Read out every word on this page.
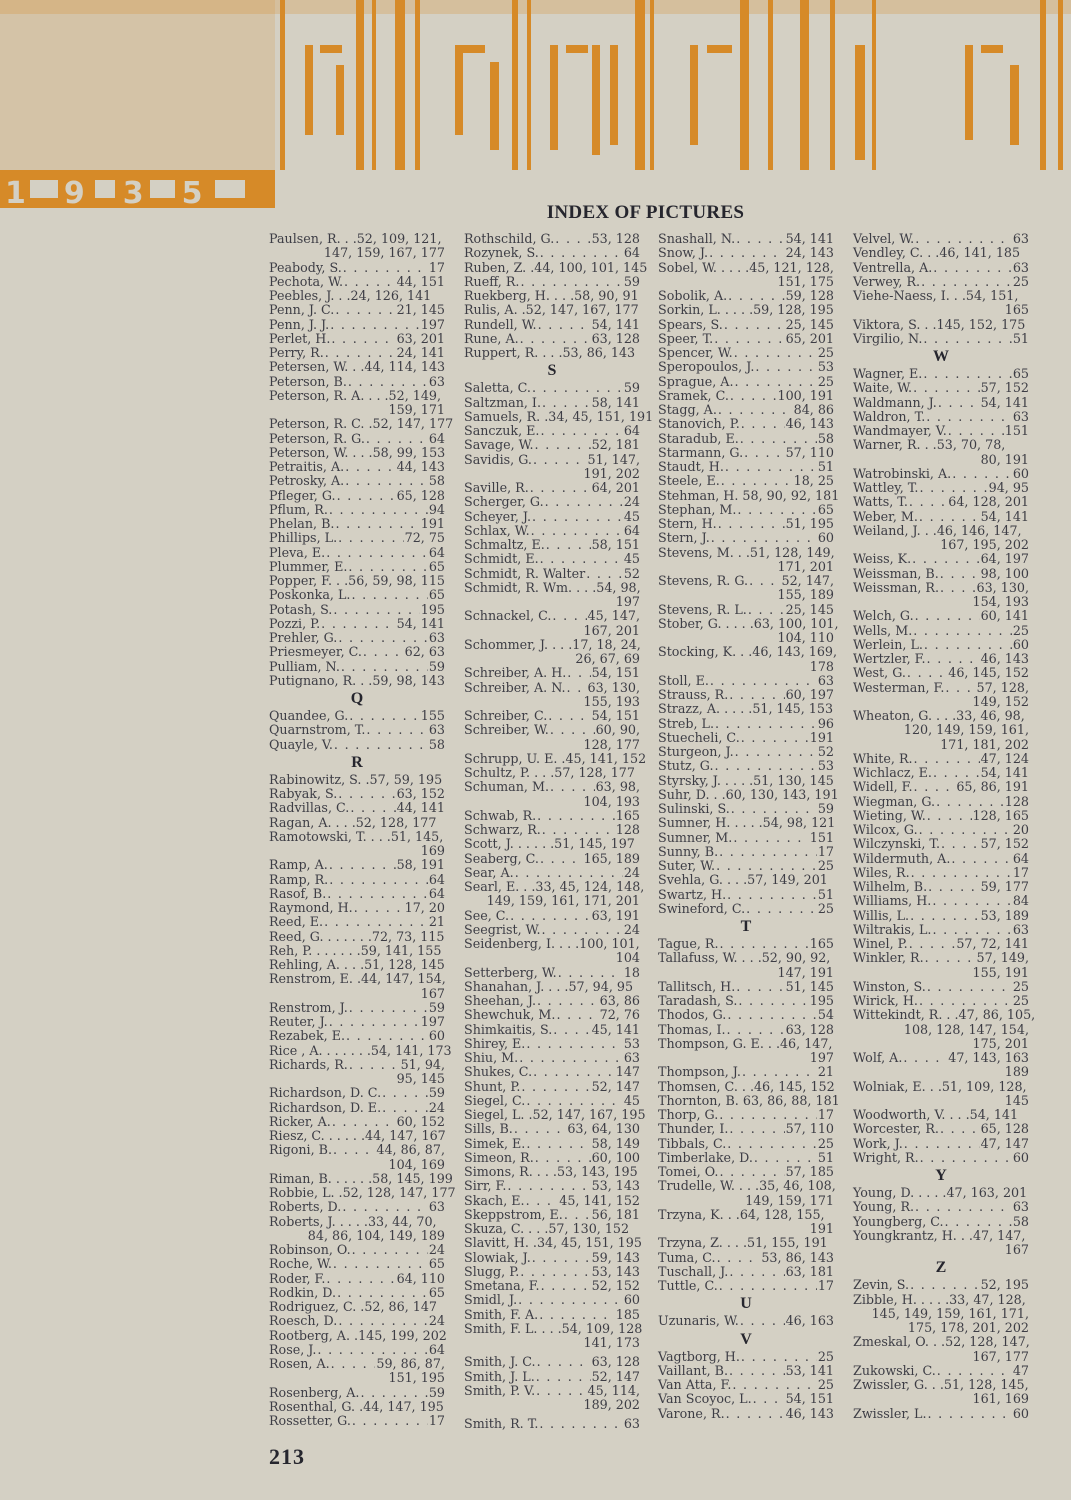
1935
INDEX OF PICTURES
Paulsen, R. . .52, 109, 121,
147, 159, 167, 177
Peabody, S. . . .	17
Pechota, W. . . .	44, 151
Peebles, J. . .24, 126, 141
Penn, J. C. . . .	21, 145
Penn, J. J. . . .	197
Perlet, H. . . .	63, 201
Perry, R. . . .	24, 141
Petersen, W. . .44, 114, 143
Peterson, B. . . .	63
Peterson, R. A. . . .52, 149,
159, 171
Peterson, R. C. .52, 147, 177
Peterson, R. G. . . .	64
Peterson, W. . . .58, 99, 153
Petraitis, A. . . .	44, 143
Petrosky, A. . . .	58
Pfleger, G. . . .	65, 128
Pflum, R. . . .	94
Phelan, B. . . .	191
Phillips, L. . . .	72, 75
Pleva, E. . . .	64
Plummer, E. . . .	65
Popper, F. . .56, 59, 98, 115
Poskonka, L. . . .	65
Potash, S. . . .	195
Pozzi, P. . . .	54, 141
Prehler, G. . . .	63
Priesmeyer, C. . . .	62, 63
Pulliam, N. . . .	59
Putignano, R. . .59, 98, 143
Q
Quandee, G. . . .	155
Quarnstrom, T. . . .	63
Quayle, V. . . .	58
R
Rabinowitz, S. .57, 59, 195
Rabyak, S. . . .	63, 152
Radvillas, C. . . .	44, 141
Ragan, A. . . .52, 128, 177
Ramotowski, T. . . .51, 145,
169
Ramp, A. . . .	58, 191
Ramp, R. . . .	64
Rasof, B. . . .	64
Raymond, H. . . .	17, 20
Reed, E. . . .	21
Reed, G. . . . . . .72, 73, 115
Reh, P. . . . . . .59, 141, 155
Rehling, A. . . .51, 128, 145
Renstrom, E. .44, 147, 154,
167
Renstrom, J. . . .	59
Reuter, J. . . .	197
Rezabek, E. . . .	60
Rice , A. . . . . . .54, 141, 173
Richards, R. . . .	51, 94,
95, 145
Richardson, D. C. . . .	59
Richardson, D. E. . . .	24
Ricker, A. . . .	60, 152
Riesz, C. . . . . .44, 147, 167
Rigoni, B. . . .	44, 86, 87,
104, 169
Riman, B. . . . . .58, 145, 199
Robbie, L. .52, 128, 147, 177
Roberts, D. . . .	63
Roberts, J. . . . .33, 44, 70,
84, 86, 104, 149, 189
Robinson, O. . . .	24
Roche, W. . . .	65
Roder, F. . . .	64, 110
Rodkin, D. . . .	65
Rodriguez, C. .52, 86, 147
Roesch, D. . . .	24
Rootberg, A. .145, 199, 202
Rose, J. . . .	64
Rosen, A. . . .	59, 86, 87,
151, 195
Rosenberg, A. . . .	59
Rosenthal, G. .44, 147, 195
Rossetter, G. . . .	17
Rothschild, G. . . .	53, 128
Rozynek, S. . . .	64
Ruben, Z. .44, 100, 101, 145
Rueff, R. . . .	59
Ruekberg, H. . . .58, 90, 91
Rulis, A. .52, 147, 167, 177
Rundell, W. . . .	54, 141
Rune, A. . . .	63, 128
Ruppert, R. . . .53, 86, 143
S
Saletta, C. . . .	59
Saltzman, I. . . .	58, 141
Samuels, R. .34, 45, 151, 191
Sanczuk, E. . . .	64
Savage, W. . . .	52, 181
Savidis, G. . . .	51, 147,
191, 202
Saville, R. . . .	64, 201
Scherger, G. . . .	24
Scheyer, J. . . .	45
Schlax, W. . . .	64
Schmaltz, E. . . .	58, 151
Schmidt, E. . . .	45
Schmidt, R. Walter . . .	52
Schmidt, R. Wm. . . .54, 98,
197
Schnackel, C. . . .	45, 147,
167, 201
Schommer, J. . . .17, 18, 24,
26, 67, 69
Schreiber, A. H. . . . 54, 151
Schreiber, A. N. . . . 63, 130,
155, 193
Schreiber, C. . . .	54, 151
Schreiber, W. . . .	60, 90,
128, 177
Schrupp, U. E. .45, 141, 152
Schultz, P. . . .57, 128, 177
Schuman, M. . . .	63, 98,
104, 193
Schwab, R. . . .	165
Schwarz, R. . . .	128
Scott, J. . . . . .51, 145, 197
Seaberg, C. . . .	165, 189
Sear, A. . . .	24
Searl, E. . .33, 45, 124, 148,
149, 159, 161, 171, 201
See, C. . . .	63, 191
Seegrist, W. . . .	24
Seidenberg, I. . . .100, 101,
104
Setterberg, W. . . .	18
Shanahan, J. . . .57, 94, 95
Sheehan, J. . . .	63, 86
Shewchuk, M. . . .	72, 76
Shimkaitis, S. . . .	45, 141
Shirey, E. . . .	53
Shiu, M. . . .	63
Shukes, C. . . .	147
Shunt, P. . . .	52, 147
Siegel, C. . . .	45
Siegel, L. .52, 147, 167, 195
Sills, B. . . .	63, 64, 130
Simek, E. . . .	58, 149
Simeon, R. . . .	60, 100
Simons, R. . . .53, 143, 195
Sirr, F. . . .	53, 143
Skach, E. . . .	45, 141, 152
Skeppstrom, E. . . . 56, 181
Skuza, C. . . .57, 130, 152
Slavitt, H. .34, 45, 151, 195
Slowiak, J. . . .	59, 143
Slugg, P. . . .	53, 143
Smetana, F. . . .	52, 152
Smidl, J. . . .	60
Smith, F. A. . . .	185
Smith, F. L. . . .54, 109, 128
141, 173
Smith, J. C. . . .	63, 128
Smith, J. L. . . .	52, 147
Smith, P. V. . . .	45, 114,
189, 202
Smith, R. T. . . .	63
Snashall, N. . . .	54, 141
Snow, J. . . .	24, 143
Sobel, W. . . . .45, 121, 128,
151, 175
Sobolik, A. . . .	59, 128
Sorkin, L. . . . .59, 128, 195
Spears, S. . . .	25, 145
Speer, T. . . .	65, 201
Spencer, W. . . .	25
Speropoulos, J. . . .	53
Sprague, A. . . .	25
Sramek, C. . . .	100, 191
Stagg, A. . . .	84, 86
Stanovich, P. . . .	46, 143
Staradub, E. . . .	58
Starmann, G. . . .	57, 110
Staudt, H. . . .	51
Steele, E. . . .	18, 25
Stehman, H. 58, 90, 92, 181
Stephan, M. . . .	65
Stern, H. . . .	51, 195
Stern, J. . . .	60
Stevens, M. . .51, 128, 149,
171, 201
Stevens, R. G. . . .	52, 147,
155, 189
Stevens, R. L. . . .	25, 145
Stober, G. . . . .63, 100, 101,
104, 110
Stocking, K. . .46, 143, 169,
178
Stoll, E. . . .	63
Strauss, R. . . .	60, 197
Strazz, A. . . . .51, 145, 153
Streb, L. . . .	96
Stuecheli, C. . . .	191
Sturgeon, J. . . .	52
Stutz, G. . . .	53
Styrsky, J. . . . .51, 130, 145
Suhr, D. . .60, 130, 143, 191
Sulinski, S. . . .	59
Sumner, H. . . . .54, 98, 121
Sumner, M. . . .	151
Sunny, B. . . .	17
Suter, W. . . .	25
Svehla, G. . . .57, 149, 201
Swartz, H. . . .	51
Swineford, C. . . .	25
T
Tague, R. . . .	165
Tallafuss, W. . . .52, 90, 92,
147, 191
Tallitsch, H. . . .	51, 145
Taradash, S. . . .	195
Thodos, G. . . .	54
Thomas, I. . . .	63, 128
Thompson, G. E. . .46, 147,
197
Thompson, J. . . .	21
Thomsen, C. . .46, 145, 152
Thornton, B. 63, 86, 88, 181
Thorp, G. . . .	17
Thunder, I. . . .	57, 110
Tibbals, C. . . .	25
Timberlake, D. . . .	51
Tomei, O. . . .	57, 185
Trudelle, W. . . .35, 46, 108,
149, 159, 171
Trzyna, K. . .64, 128, 155,
191
Trzyna, Z. . . .51, 155, 191
Tuma, C. . . .	53, 86, 143
Tuschall, J. . . .	63, 181
Tuttle, C. . . .	17
U
Uzunaris, W. . . .	46, 163
V
Vagtborg, H. . . .	25
Vaillant, B. . . .	53, 141
Van Atta, F. . . .	25
Van Scoyoc, L. . . .	54, 151
Varone, R. . . .	46, 143
Velvel, W. . . .	63
Vendley, C. . .46, 141, 185
Ventrella, A. . . .	63
Verwey, R. . . .	25
Viehe-Naess, I. . .54, 151,
165
Viktora, S. . .145, 152, 175
Virgilio, N. . . .	51
W
Wagner, E. . . .	65
Waite, W. . . .	57, 152
Waldmann, J. . . .	54, 141
Waldron, T. . . .	63
Wandmayer, V. . . .	151
Warner, R. . .53, 70, 78,
80, 191
Watrobinski, A. . . .	60
Wattley, T. . . .	94, 95
Watts, T. . . .	64, 128, 201
Weber, M. . . .	54, 141
Weiland, J. . .46, 146, 147,
167, 195, 202
Weiss, K. . . .	64, 197
Weissman, B. . . .	98, 100
Weissman, R. . . .	63, 130,
154, 193
Welch, G. . . .	60, 141
Wells, M. . . .	25
Werlein, L. . . .	60
Wertzler, F. . . .	46, 143
West, G. . . .	46, 145, 152
Westerman, F. . . .	57, 128,
149, 152
Wheaton, G. . . .33, 46, 98,
120, 149, 159, 161,
171, 181, 202
White, R. . . .	47, 124
Wichlacz, E. . . .	54, 141
Widell, F. . . .	65, 86, 191
Wiegman, G. . . .	128
Wieting, W. . . .	128, 165
Wilcox, G. . . .	20
Wilczynski, T. . . .	57, 152
Wildermuth, A. . . .	64
Wiles, R. . . .	17
Wilhelm, B. . . .	59, 177
Williams, H. . . .	84
Willis, L. . . .	53, 189
Wiltrakis, L. . . .	63
Winel, P. . . .	57, 72, 141
Winkler, R. . . .	57, 149,
155, 191
Winston, S. . . .	25
Wirick, H. . . .	25
Wittekindt, R. . .47, 86, 105,
108, 128, 147, 154,
175, 201
Wolf, A. . . .	47, 143, 163
189
Wolniak, E. . .51, 109, 128,
145
Woodworth, V. . . .54, 141
Worcester, R. . . .	65, 128
Work, J. . . .	47, 147
Wright, R. . . .	60
Y
Young, D. . . . .47, 163, 201
Young, R. . . .	63
Youngberg, C. . . .	58
Youngkrantz, H. . .47, 147,
167
Z
Zevin, S. . . .	52, 195
Zibble, H. . . . .33, 47, 128,
145, 149, 159, 161, 171,
175, 178, 201, 202
Zmeskal, O. . .52, 128, 147,
167, 177
Zukowski, C. . . .	47
Zwissler, G. . .51, 128, 145,
161, 169
Zwissler, L. . . .	60
213
